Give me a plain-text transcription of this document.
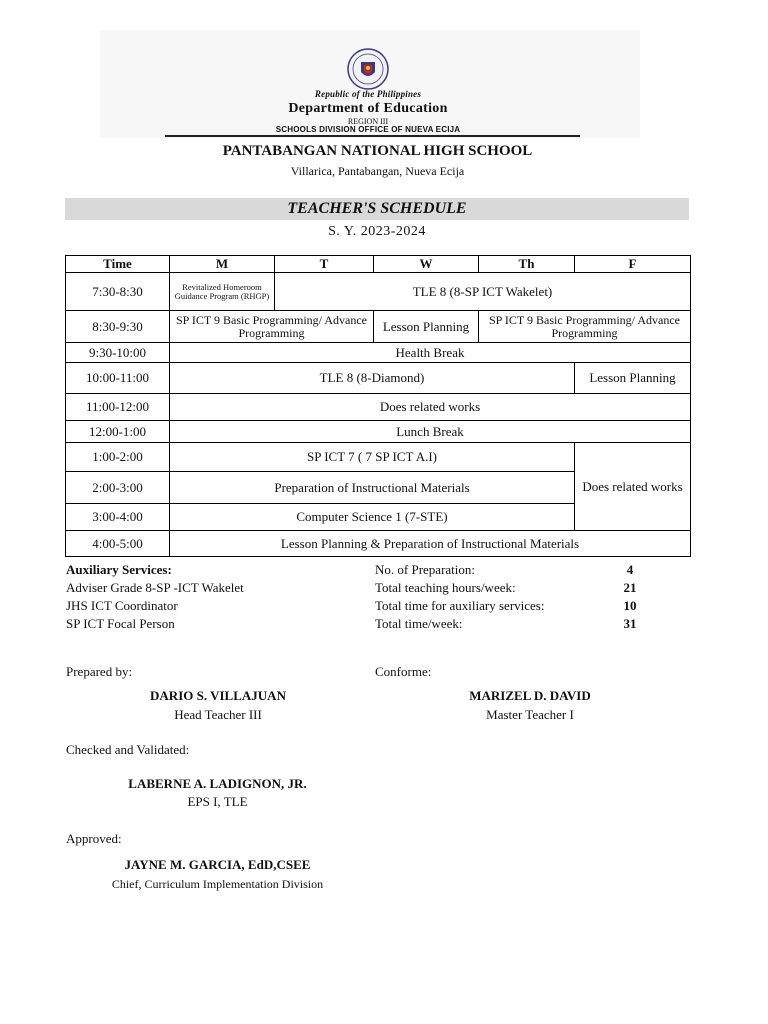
Republic of the Philippines
Department of Education
REGION III
SCHOOLS DIVISION OFFICE OF NUEVA ECIJA
PANTABANGAN NATIONAL HIGH SCHOOL
Villarica, Pantabangan, Nueva Ecija
TEACHER'S SCHEDULE
S. Y. 2023-2024
Time	M	T	W	Th	F
7:30-8:30	Revitalized Homeroom Guidance Program (RHGP)	TLE 8 (8-SP ICT Wakelet)			
8:30-9:30	SP ICT 9 Basic Programming/ Advance Programming		Lesson Planning	SP ICT 9 Basic Programming/ Advance Programming	
9:30-10:00	Health Break				
10:00-11:00	TLE 8 (8-Diamond)				Lesson Planning
11:00-12:00	Does related works				
12:00-1:00	Lunch Break				
1:00-2:00	SP ICT 7 ( 7 SP ICT A.I)				Does related works
2:00-3:00	Preparation of Instructional Materials				
3:00-4:00	Computer Science 1 (7-STE)				
4:00-5:00	Lesson Planning & Preparation of Instructional Materials				
Auxiliary Services:
Adviser Grade 8-SP -ICT Wakelet
JHS ICT Coordinator
SP ICT Focal Person
No. of Preparation:	4
Total teaching hours/week:	21
Total time for auxiliary services:	10
Total time/week:	31
Prepared by:	Conforme:
DARIO S. VILLAJUAN
Head Teacher III
MARIZEL D. DAVID
Master Teacher I
Checked and Validated:
LABERNE A. LADIGNON, JR.
EPS I, TLE
Approved:
JAYNE M. GARCIA, EdD,CSEE
Chief, Curriculum Implementation Division
